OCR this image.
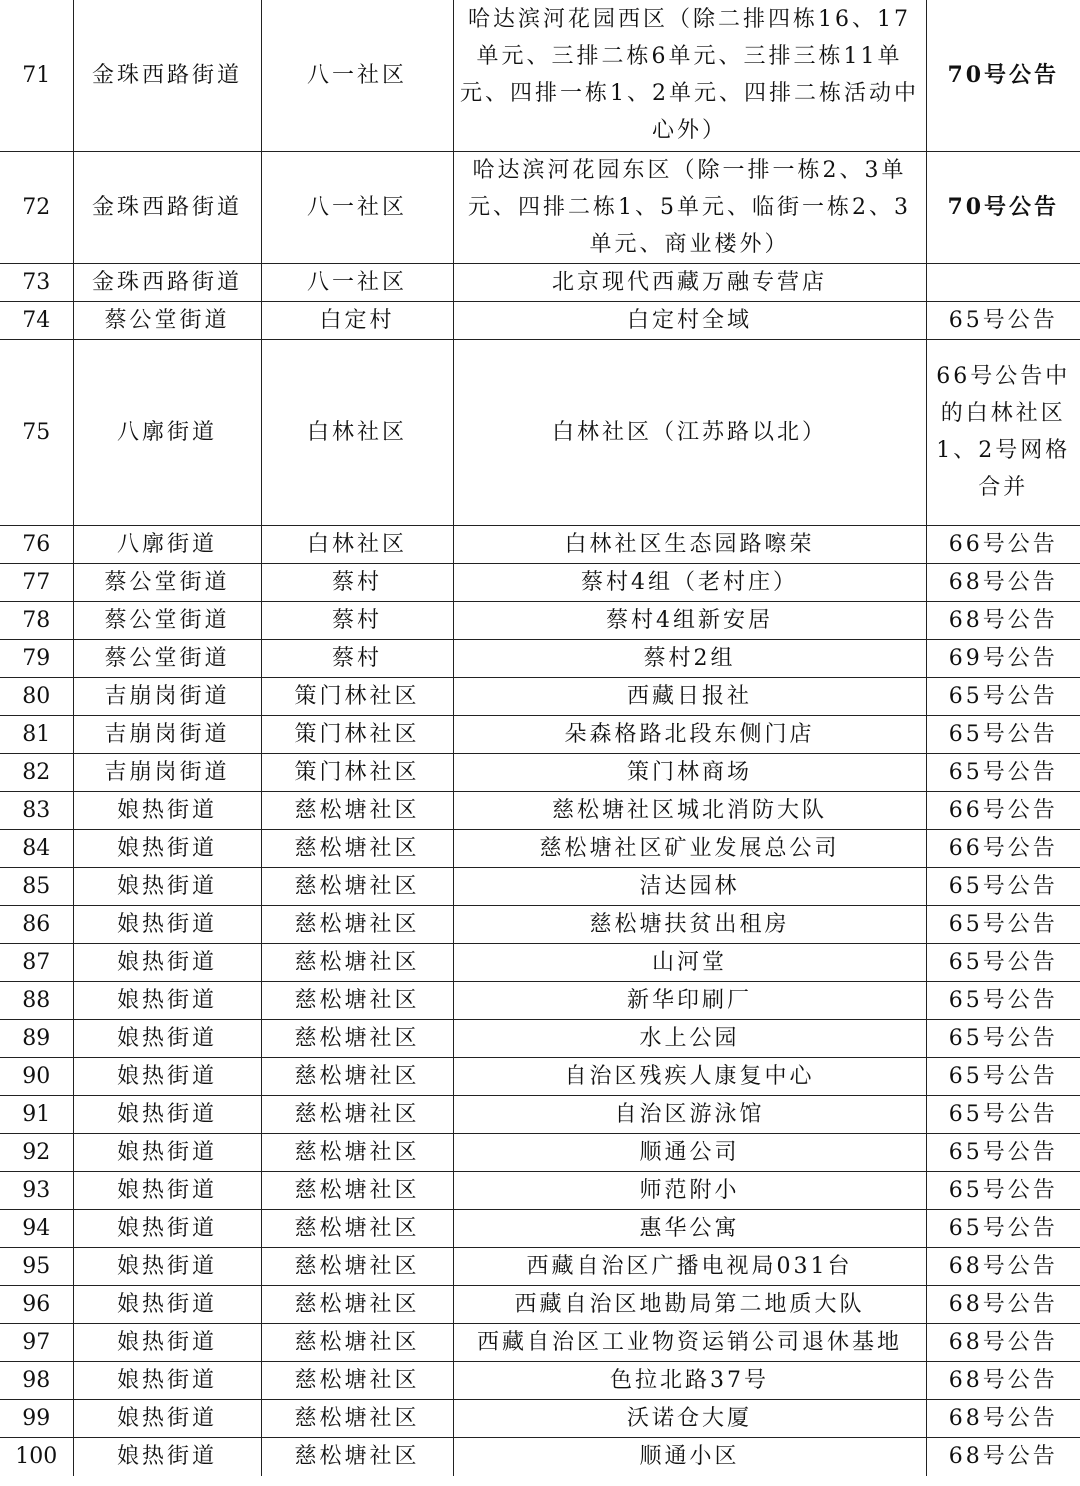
71	金珠西路街道	八一社区	哈达滨河花园西区（除二排四栋16、17单元、三排二栋6单元、三排三栋11单元、四排一栋1、2单元、四排二栋活动中心外）	70号公告
72	金珠西路街道	八一社区	哈达滨河花园东区（除一排一栋2、3单元、四排二栋1、5单元、临街一栋2、3单元、商业楼外）	70号公告
73	金珠西路街道	八一社区	北京现代西藏万融专营店	
74	蔡公堂街道	白定村	白定村全域	65号公告
75	八廓街道	白林社区	白林社区（江苏路以北）	66号公告中的白林社区1、2号网格合并
76	八廓街道	白林社区	白林社区生态园路嚓荣	66号公告
77	蔡公堂街道	蔡村	蔡村4组（老村庄）	68号公告
78	蔡公堂街道	蔡村	蔡村4组新安居	68号公告
79	蔡公堂街道	蔡村	蔡村2组	69号公告
80	吉崩岗街道	策门林社区	西藏日报社	65号公告
81	吉崩岗街道	策门林社区	朵森格路北段东侧门店	65号公告
82	吉崩岗街道	策门林社区	策门林商场	65号公告
83	娘热街道	慈松塘社区	慈松塘社区城北消防大队	66号公告
84	娘热街道	慈松塘社区	慈松塘社区矿业发展总公司	66号公告
85	娘热街道	慈松塘社区	洁达园林	65号公告
86	娘热街道	慈松塘社区	慈松塘扶贫出租房	65号公告
87	娘热街道	慈松塘社区	山河堂	65号公告
88	娘热街道	慈松塘社区	新华印刷厂	65号公告
89	娘热街道	慈松塘社区	水上公园	65号公告
90	娘热街道	慈松塘社区	自治区残疾人康复中心	65号公告
91	娘热街道	慈松塘社区	自治区游泳馆	65号公告
92	娘热街道	慈松塘社区	顺通公司	65号公告
93	娘热街道	慈松塘社区	师范附小	65号公告
94	娘热街道	慈松塘社区	惠华公寓	65号公告
95	娘热街道	慈松塘社区	西藏自治区广播电视局031台	68号公告
96	娘热街道	慈松塘社区	西藏自治区地勘局第二地质大队	68号公告
97	娘热街道	慈松塘社区	西藏自治区工业物资运销公司退休基地	68号公告
98	娘热街道	慈松塘社区	色拉北路37号	68号公告
99	娘热街道	慈松塘社区	沃诺仓大厦	68号公告
100	娘热街道	慈松塘社区	顺通小区	68号公告
